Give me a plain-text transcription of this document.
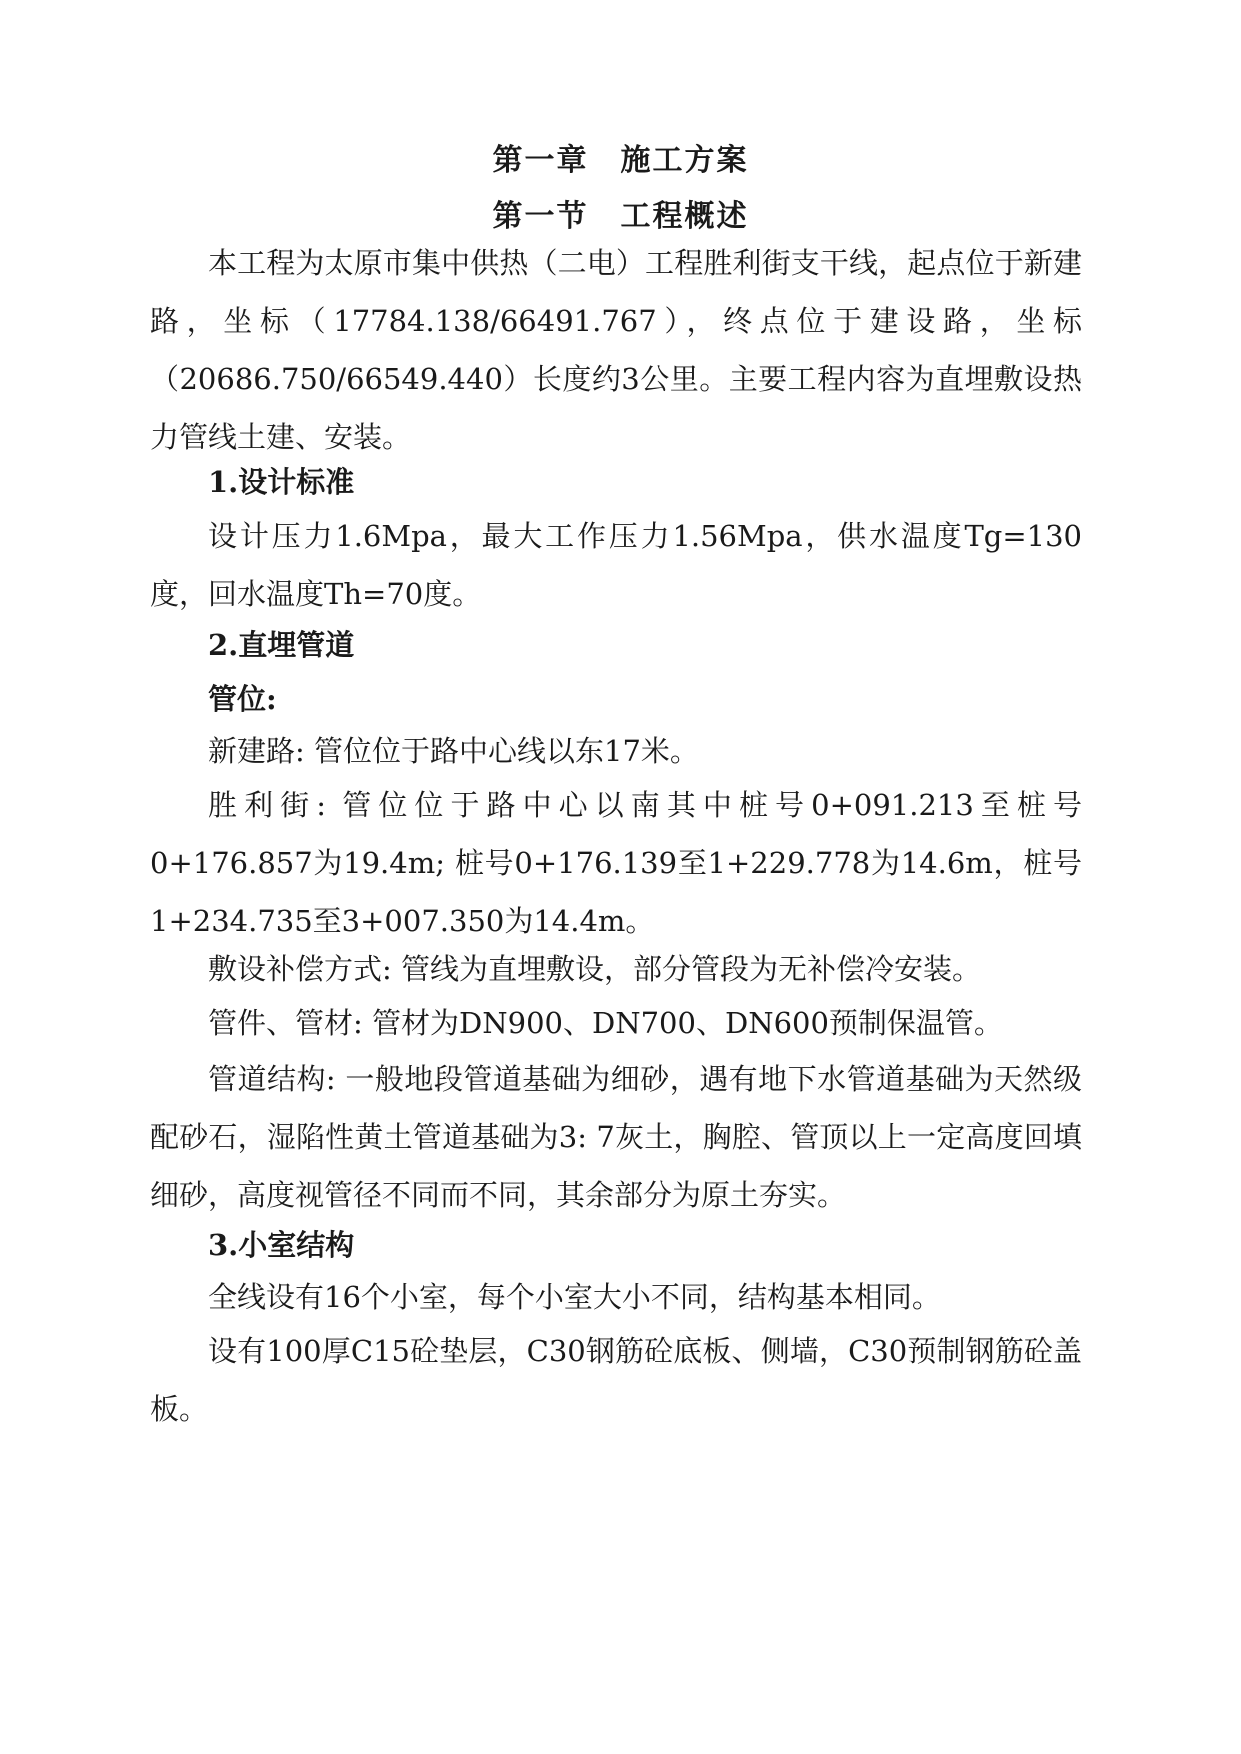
第一章　施工方案
第一节　工程概述
本工程为太原市集中供热（二电）工程胜利街支干线，起点位于新建路，坐标（17784.138/66491.767），终点位于建设路，坐标（20686.750/66549.440）长度约3公里。主要工程内容为直埋敷设热力管线土建、安装。
1.设计标准
设计压力1.6Mpa，最大工作压力1.56Mpa，供水温度Tg=130度，回水温度Th=70度。
2.直埋管道
管位:
新建路: 管位位于路中心线以东17米。
胜利街: 管位位于路中心以南其中桩号0+091.213至桩号0+176.857为19.4m; 桩号0+176.139至1+229.778为14.6m，桩号1+234.735至3+007.350为14.4m。
敷设补偿方式: 管线为直埋敷设，部分管段为无补偿冷安装。
管件、管材: 管材为DN900、DN700、DN600预制保温管。
管道结构: 一般地段管道基础为细砂，遇有地下水管道基础为天然级配砂石，湿陷性黄土管道基础为3: 7灰土，胸腔、管顶以上一定高度回填细砂，高度视管径不同而不同，其余部分为原土夯实。
3.小室结构
全线设有16个小室，每个小室大小不同，结构基本相同。
设有100厚C15砼垫层，C30钢筋砼底板、侧墙，C30预制钢筋砼盖板。
